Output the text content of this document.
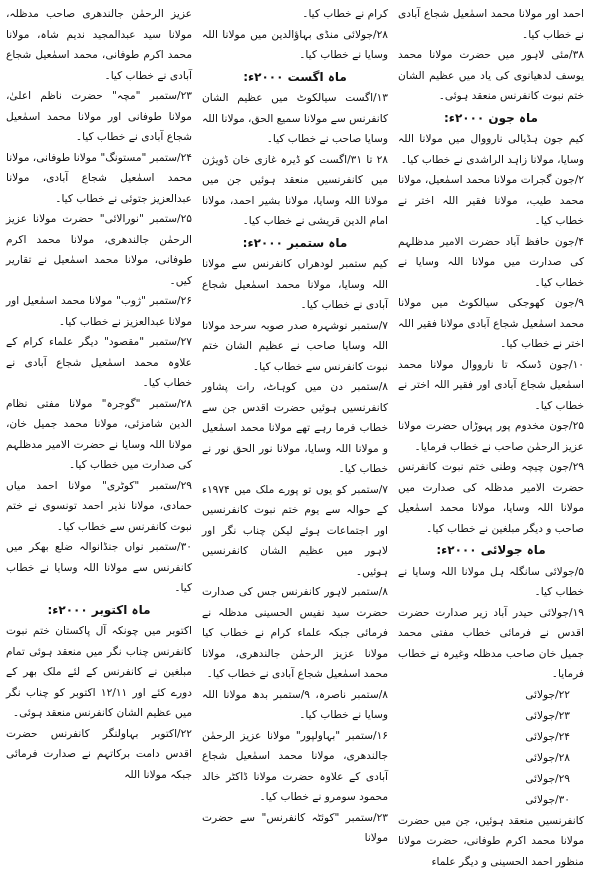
احمد اور مولانا محمد اسمٰعیل شجاع آبادی نے خطاب کیا۔

۳۸/مئی لاہور میں حضرت مولانا محمد یوسف لدھیانوی کی یاد میں عظیم الشان ختم نبوت کانفرنس منعقد ہوئی۔

ماہ جون ۲۰۰۰ء:

کیم جون ہڈیالی نارووال میں مولانا اللہ وسایا، مولانا زاہد الراشدی نے خطاب کیا۔

۲/جون گجرات مولانا محمد اسمٰعیل، مولانا محمد طیب، مولانا فقیر اللہ اختر نے خطاب کیا۔

۴/جون حافظ آباد حضرت الامیر مدظلہم کی صدارت میں مولانا اللہ وسایا نے خطاب کیا۔

۹/جون کھوجکی سیالکوٹ میں مولانا محمد اسمٰعیل شجاع آبادی مولانا فقیر اللہ اختر نے خطاب کیا۔

۱۰/جون ڈسکہ تا نارووال مولانا محمد اسمٰعیل شجاع آبادی اور فقیر اللہ اختر نے خطاب کیا۔

۲۵/جون مخدوم پور پہوڑاں حضرت مولانا عزیز الرحمٰن صاحب نے خطاب فرمایا۔

۲۹/جون چیچہ وطنی ختم نبوت کانفرنس حضرت الامیر مدظلہ کی صدارت میں مولانا اللہ وسایا، مولانا محمد اسمٰعیل صاحب و دیگر مبلغین نے خطاب کیا۔

ماہ جولائی ۲۰۰۰ء:

۵/جولائی سانگلہ ہل مولانا اللہ وسایا نے خطاب کیا۔

۱۹/جولائی حیدر آباد زیر صدارت حضرت اقدس نے فرمائی خطاب مفتی محمد جمیل خان صاحب مدظلہ وغیرہ نے خطاب فرمایا۔

۲۲/جولائی
۲۳/جولائی
۲۴/جولائی
۲۸/جولائی
۲۹/جولائی
۳۰/جولائی

کانفرنسیں منعقد ہوئیں، جن میں حضرت مولانا محمد اکرم طوفانی، حضرت مولانا منظور احمد الحسینی و دیگر علماء

کرام نے خطاب کیا۔

۲۸/جولائی منڈی بہاؤالدین میں مولانا اللہ وسایا نے خطاب کیا۔

ماہ اگست ۲۰۰۰ء:

۱۳/اگست سیالکوٹ میں عظیم الشان کانفرنس سے مولانا سمیع الحق، مولانا اللہ وسایا صاحب نے خطاب کیا۔

۲۸ تا ۳۱/اگست کو ڈیرہ غازی خان ڈویژن میں کانفرنسیں منعقد ہوئیں جن میں مولانا اللہ وسایا، مولانا بشیر احمد، مولانا امام الدین قریشی نے خطاب کیا۔

ماہ ستمبر ۲۰۰۰ء:

کیم ستمبر لودھراں کانفرنس سے مولانا اللہ وسایا، مولانا محمد اسمٰعیل شجاع آبادی نے خطاب کیا۔

۷/ستمبر نوشہرہ صدر صوبہ سرحد مولانا اللہ وسایا صاحب نے عظیم الشان ختم نبوت کانفرنس سے خطاب کیا۔

۸/ستمبر دن میں کوہاٹ، رات پشاور کانفرنسیں ہوئیں حضرت اقدس جن سے خطاب فرما رہے تھے مولانا محمد اسمٰعیل و مولانا اللہ وسایا، مولانا نور الحق نور نے خطاب کیا۔

۷/ستمبر کو یوں تو پورے ملک میں ۱۹۷۴ء کے حوالہ سے یوم ختم نبوت کانفرنسیں اور اجتماعات ہوئے لیکن چناب نگر اور لاہور میں عظیم الشان کانفرنسیں ہوئیں۔

۸/ستمبر لاہور کانفرنس جس کی صدارت حضرت سید نفیس الحسینی مدظلہ نے فرمائی جبکہ علماء کرام نے خطاب کیا مولانا عزیز الرحمٰن جالندھری، مولانا محمد اسمٰعیل شجاع آبادی نے خطاب کیا۔

۸/ستمبر ناصرہ، ۹/ستمبر بدھ مولانا اللہ وسایا نے خطاب کیا۔

۱۶/ستمبر "بہاولپور" مولانا عزیز الرحمٰن جالندھری، مولانا محمد اسمٰعیل شجاع آبادی کے علاوہ حضرت مولانا ڈاکٹر خالد محمود سومرو نے خطاب کیا۔

۲۳/ستمبر "کوئٹہ کانفرنس" سے حضرت مولانا

عزیز الرحمٰن جالندھری صاحب مدظلہ، مولانا سید عبدالمجید ندیم شاہ، مولانا محمد اکرم طوفانی، محمد اسمٰعیل شجاع آبادی نے خطاب کیا۔

۲۳/ستمبر "مچہ" حضرت ناظم اعلیٰ، مولانا طوفانی اور مولانا محمد اسمٰعیل شجاع آبادی نے خطاب کیا۔

۲۴/ستمبر "مستونگ" مولانا طوفانی، مولانا محمد اسمٰعیل شجاع آبادی، مولانا عبدالعزیز جتوئی نے خطاب کیا۔

۲۵/ستمبر "نورالائی" حضرت مولانا عزیز الرحمٰن جالندھری، مولانا محمد اکرم طوفانی، مولانا محمد اسمٰعیل نے تقاریر کیں۔

۲۶/ستمبر "ژوب" مولانا محمد اسمٰعیل اور مولانا عبدالعزیز نے خطاب کیا۔

۲۷/ستمبر "مقصود" دیگر علماء کرام کے علاوہ محمد اسمٰعیل شجاع آبادی نے خطاب کیا۔

۲۸/ستمبر "گوجرہ" مولانا مفتی نظام الدین شامزئی، مولانا محمد جمیل خان، مولانا اللہ وسایا نے حضرت الامیر مدظلہم کی صدارت میں خطاب کیا۔

۲۹/ستمبر "کوٹری" مولانا احمد میاں حمادی، مولانا نذیر احمد تونسوی نے ختم نبوت کانفرنس سے خطاب کیا۔

۳۰/ستمبر نواں جنڈانوالہ ضلع بھکر میں کانفرنس سے مولانا اللہ وسایا نے خطاب کیا۔

ماہ اکتوبر ۲۰۰۰ء:

اکتوبر میں چونکہ آل پاکستان ختم نبوت کانفرنس چناب نگر میں منعقد ہوئی تمام مبلغین نے کانفرنس کے لئے ملک بھر کے دورے کئے اور ۱۲/۱۱ اکتوبر کو چناب نگر میں عظیم الشان کانفرنس منعقد ہوئی۔

۲۲/اکتوبر بہاولنگر کانفرنس حضرت اقدس دامت برکاتہم نے صدارت فرمائی جبکہ مولانا اللہ
